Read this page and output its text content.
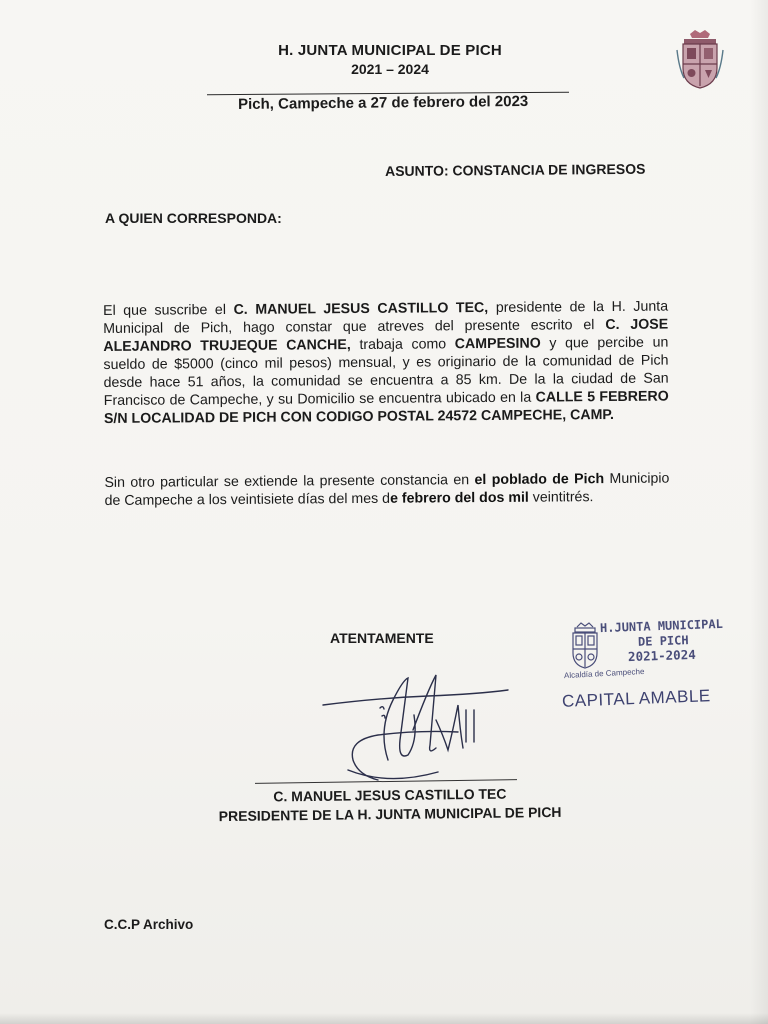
H. JUNTA MUNICIPAL DE PICH
2021 – 2024
Pich, Campeche a 27 de febrero del 2023
ASUNTO: CONSTANCIA DE INGRESOS
A QUIEN CORRESPONDA:

El que suscribe el C. MANUEL JESUS CASTILLO TEC, presidente de la H. Junta Municipal de Pich, hago constar que atreves del presente escrito el C. JOSE ALEJANDRO TRUJEQUE CANCHE, trabaja como CAMPESINO y que percibe un sueldo de $5000 (cinco mil pesos) mensual, y es originario de la comunidad de Pich desde hace 51 años, la comunidad se encuentra a 85 km. De la la ciudad de San Francisco de Campeche, y su Domicilio se encuentra ubicado en la CALLE 5 FEBRERO S/N LOCALIDAD DE PICH CON CODIGO POSTAL 24572 CAMPECHE, CAMP.

Sin otro particular se extiende la presente constancia en el poblado de Pich Municipio de Campeche a los veintisiete días del mes de febrero del dos mil veintitrés.

ATENTAMENTE
C. MANUEL JESUS CASTILLO TEC
PRESIDENTE DE LA H. JUNTA MUNICIPAL DE PICH
H.JUNTA MUNICIPAL
DE PICH
2021-2024
Alcaldía de Campeche
CAPITAL AMABLE
C.C.P Archivo
